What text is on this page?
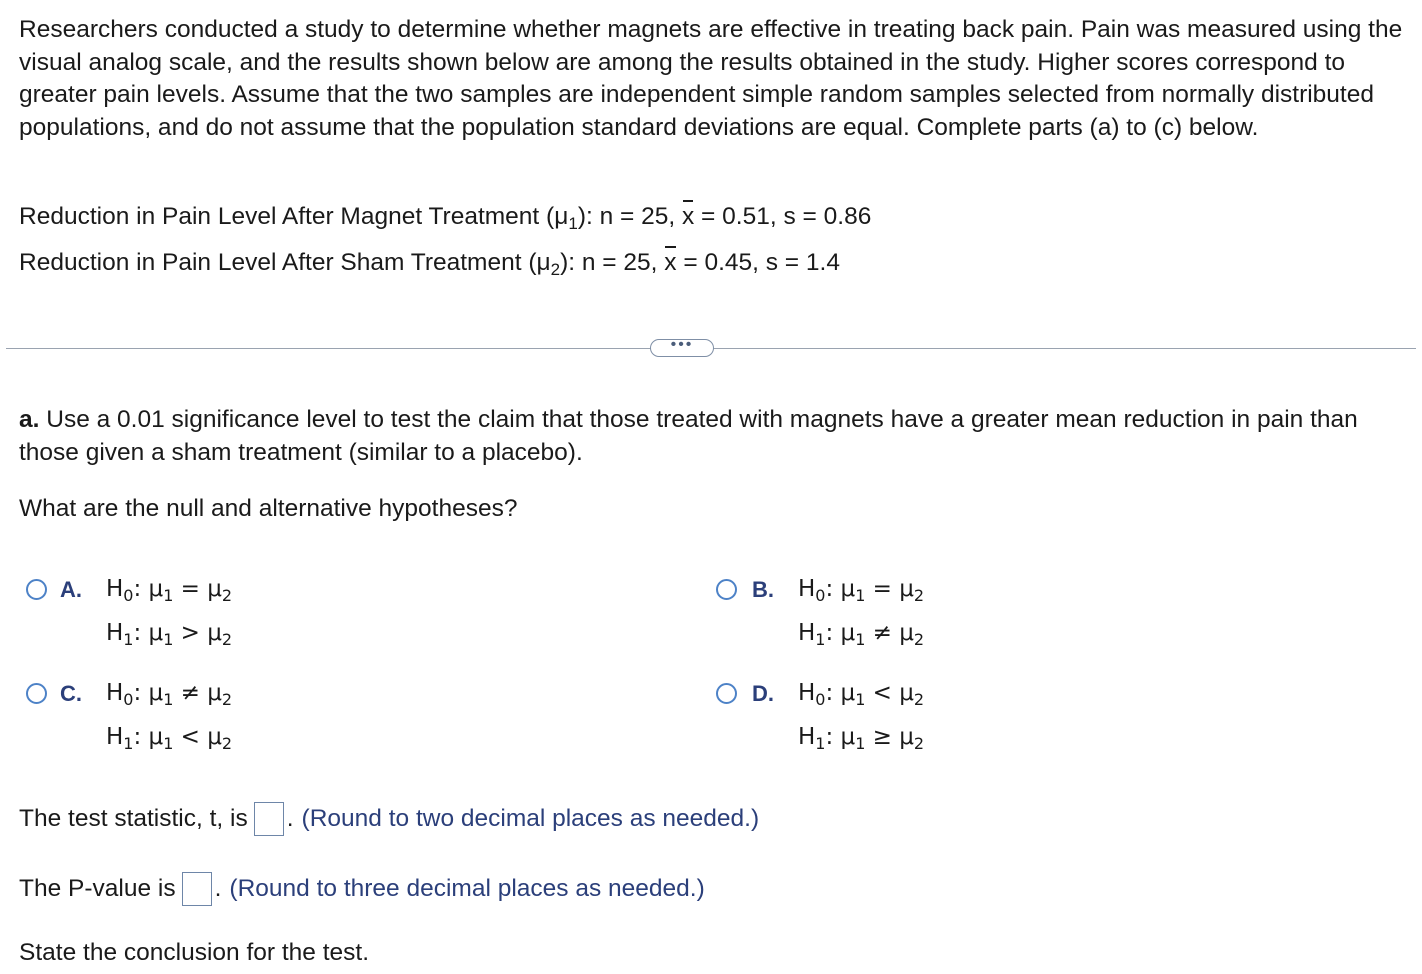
Researchers conducted a study to determine whether magnets are effective in treating back pain. Pain was measured using the visual analog scale, and the results shown below are among the results obtained in the study. Higher scores correspond to greater pain levels. Assume that the two samples are independent simple random samples selected from normally distributed populations, and do not assume that the population standard deviations are equal. Complete parts (a) to (c) below.
Reduction in Pain Level After Magnet Treatment $(\mu_1)$: n = 25, x = 0.51, s = 0.86
Reduction in Pain Level After Sham Treatment $(\mu_2)$: n = 25, x = 0.45, s = 1.4
•••
a. Use a 0.01 significance level to test the claim that those treated with magnets have a greater mean reduction in pain than those given a sham treatment (similar to a placebo).
What are the null and alternative hypotheses?
A. $H_0$: $\mu_1 = \mu_2$
$H_1$: $\mu_1 > \mu_2$
B. $H_0$: $\mu_1 = \mu_2$
$H_1$: $\mu_1 \ne \mu_2$
C. $H_0$: $\mu_1 \ne \mu_2$
$H_1$: $\mu_1 < \mu_2$
D. $H_0$: $\mu_1 < \mu_2$
$H_1$: $\mu_1 \ge \mu_2$
The test statistic, t, is . (Round to two decimal places as needed.)
The P-value is . (Round to three decimal places as needed.)
State the conclusion for the test.
